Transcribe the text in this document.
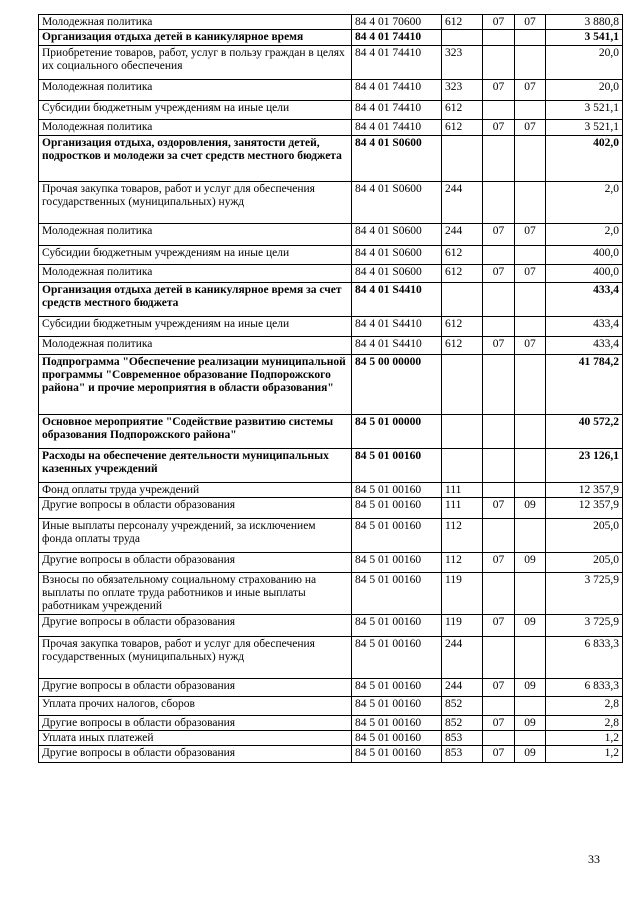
Молодежная политика	84 4 01 70600	612	07	07	3 880,8
Организация отдыха детей в каникулярное время	84 4 01 74410				3 541,1
Приобретение товаров, работ, услуг в пользу граждан в целях их социального обеспечения	84 4 01 74410	323			20,0
Молодежная политика	84 4 01 74410	323	07	07	20,0
Субсидии бюджетным учреждениям на иные цели	84 4 01 74410	612			3 521,1
Молодежная политика	84 4 01 74410	612	07	07	3 521,1
Организация отдыха, оздоровления, занятости детей, подростков и молодежи за счет средств местного бюджета	84 4 01 S0600				402,0
Прочая закупка товаров, работ и услуг для обеспечения государственных (муниципальных) нужд	84 4 01 S0600	244			2,0
Молодежная политика	84 4 01 S0600	244	07	07	2,0
Субсидии бюджетным учреждениям на иные цели	84 4 01 S0600	612			400,0
Молодежная политика	84 4 01 S0600	612	07	07	400,0
Организация отдыха детей в каникулярное время за счет средств местного бюджета	84 4 01 S4410				433,4
Субсидии бюджетным учреждениям на иные цели	84 4 01 S4410	612			433,4
Молодежная политика	84 4 01 S4410	612	07	07	433,4
Подпрограмма "Обеспечение реализации муниципальной программы "Современное образование Подпорожского района" и прочие мероприятия в области образования"	84 5 00 00000				41 784,2
Основное мероприятие "Содействие развитию системы образования Подпорожского района"	84 5 01 00000				40 572,2
Расходы на обеспечение деятельности муниципальных казенных учреждений	84 5 01 00160				23 126,1
Фонд оплаты труда учреждений	84 5 01 00160	111			12 357,9
Другие вопросы в области образования	84 5 01 00160	111	07	09	12 357,9
Иные выплаты персоналу учреждений, за исключением фонда оплаты труда	84 5 01 00160	112			205,0
Другие вопросы в области образования	84 5 01 00160	112	07	09	205,0
Взносы по обязательному социальному страхованию на выплаты по оплате труда работников и иные выплаты работникам учреждений	84 5 01 00160	119			3 725,9
Другие вопросы в области образования	84 5 01 00160	119	07	09	3 725,9
Прочая закупка товаров, работ и услуг для обеспечения государственных (муниципальных) нужд	84 5 01 00160	244			6 833,3
Другие вопросы в области образования	84 5 01 00160	244	07	09	6 833,3
Уплата прочих налогов, сборов	84 5 01 00160	852			2,8
Другие вопросы в области образования	84 5 01 00160	852	07	09	2,8
Уплата иных платежей	84 5 01 00160	853			1,2
Другие вопросы в области образования	84 5 01 00160	853	07	09	1,2
33
